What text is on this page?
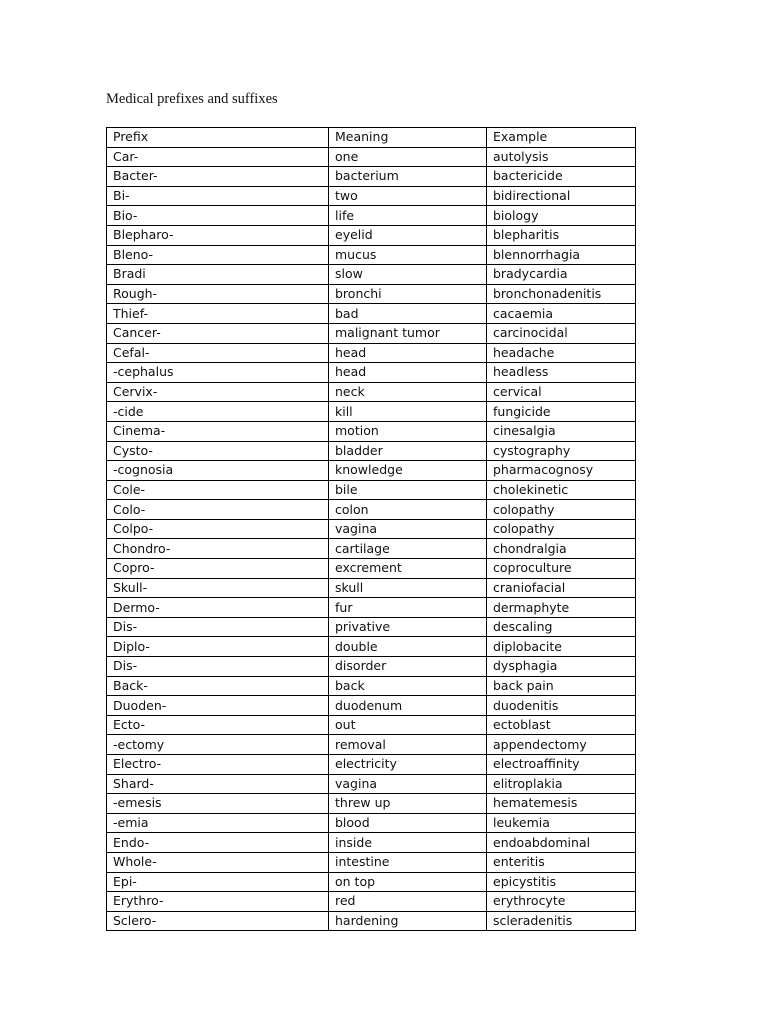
Medical prefixes and suffixes
Prefix	Meaning	Example
Car-	one	autolysis
Bacter-	bacterium	bactericide
Bi-	two	bidirectional
Bio-	life	biology
Blepharo-	eyelid	blepharitis
Bleno-	mucus	blennorrhagia
Bradi	slow	bradycardia
Rough-	bronchi	bronchonadenitis
Thief-	bad	cacaemia
Cancer-	malignant tumor	carcinocidal
Cefal-	head	headache
-cephalus	head	headless
Cervix-	neck	cervical
-cide	kill	fungicide
Cinema-	motion	cinesalgia
Cysto-	bladder	cystography
-cognosia	knowledge	pharmacognosy
Cole-	bile	cholekinetic
Colo-	colon	colopathy
Colpo-	vagina	colopathy
Chondro-	cartilage	chondralgia
Copro-	excrement	coproculture
Skull-	skull	craniofacial
Dermo-	fur	dermaphyte
Dis-	privative	descaling
Diplo-	double	diplobacite
Dis-	disorder	dysphagia
Back-	back	back pain
Duoden-	duodenum	duodenitis
Ecto-	out	ectoblast
-ectomy	removal	appendectomy
Electro-	electricity	electroaffinity
Shard-	vagina	elitroplakia
-emesis	threw up	hematemesis
-emia	blood	leukemia
Endo-	inside	endoabdominal
Whole-	intestine	enteritis
Epi-	on top	epicystitis
Erythro-	red	erythrocyte
Sclero-	hardening	scleradenitis
